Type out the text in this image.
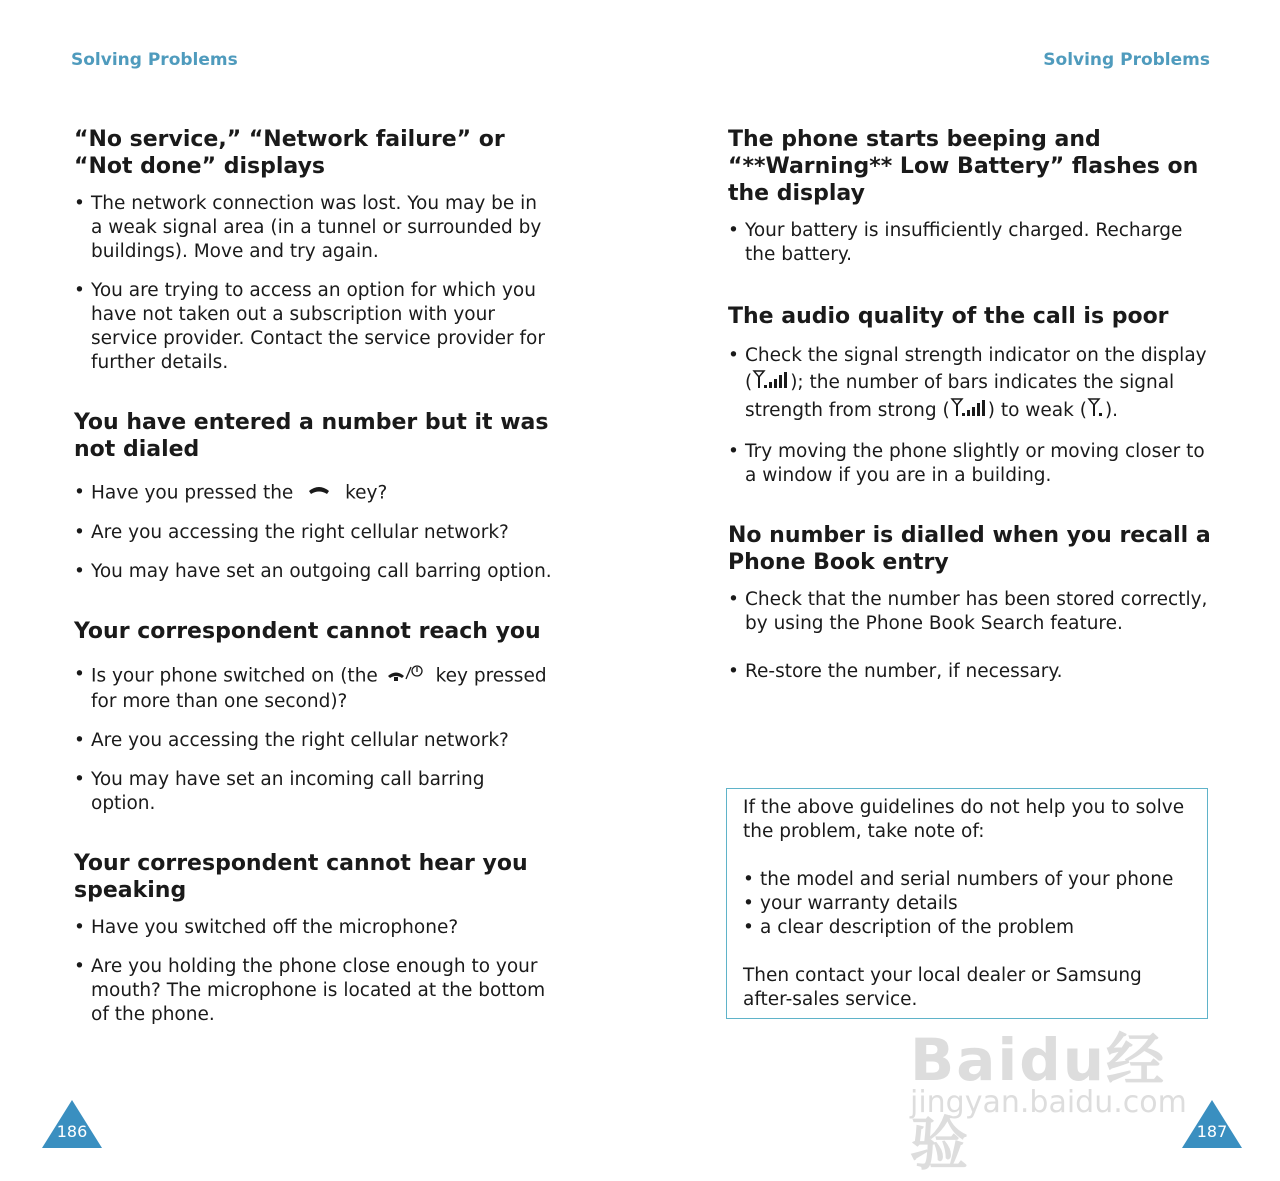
Solving Problems	Solving Problems
“No service,” “Network failure” or “Not done” displays
• The network connection was lost. You may be in a weak signal area (in a tunnel or surrounded by buildings). Move and try again.
• You are trying to access an option for which you have not taken out a subscription with your service provider. Contact the service provider for further details.
You have entered a number but it was not dialed
• Have you pressed the	key?
• Are you accessing the right cellular network?
• You may have set an outgoing call barring option.
Your correspondent cannot reach you
• Is your phone switched on (the	key pressed for more than one second)?
• Are you accessing the right cellular network?
• You may have set an incoming call barring option.
Your correspondent cannot hear you speaking
• Have you switched off the microphone?
• Are you holding the phone close enough to your mouth? The microphone is located at the bottom of the phone.
The phone starts beeping and “**Warning** Low Battery” flashes on the display
• Your battery is insufficiently charged. Recharge the battery.
The audio quality of the call is poor
• Check the signal strength indicator on the display ( ); the number of bars indicates the signal strength from strong ( ) to weak ( ).
• Try moving the phone slightly or moving closer to a window if you are in a building.
No number is dialled when you recall a Phone Book entry
• Check that the number has been stored correctly, by using the Phone Book Search feature.
• Re-store the number, if necessary.
If the above guidelines do not help you to solve the problem, take note of:
• the model and serial numbers of your phone
• your warranty details
• a clear description of the problem
Then contact your local dealer or Samsung after-sales service.
Baidu经验
jingyan.baidu.com
186	187
